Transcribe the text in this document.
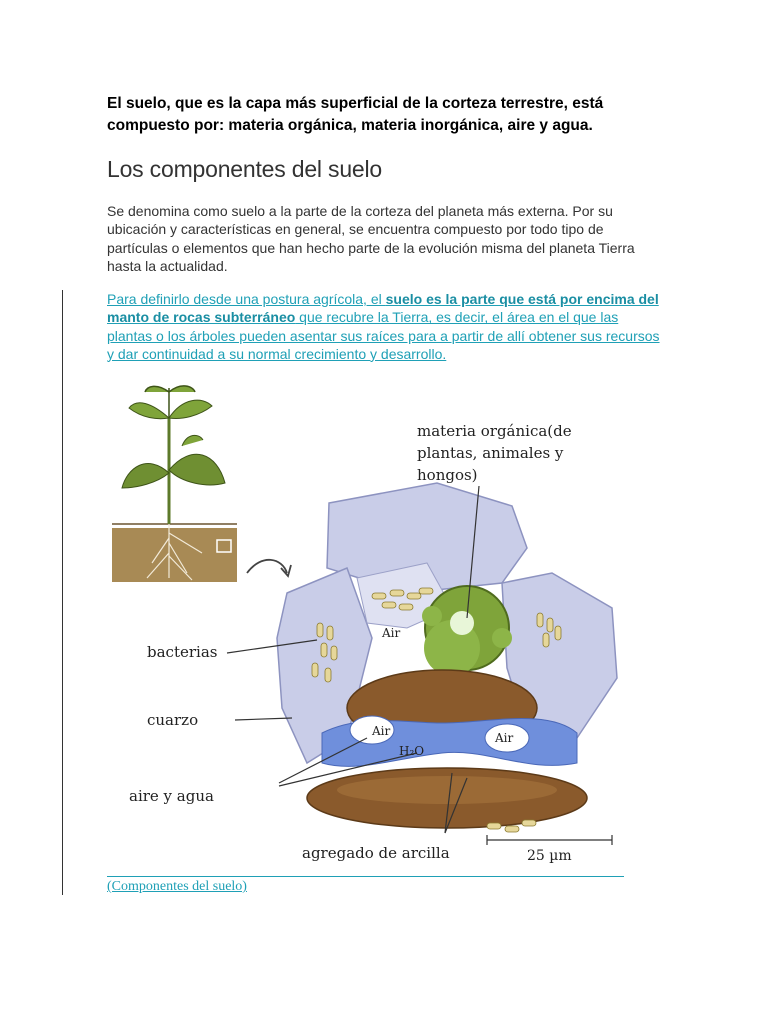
El suelo, que es la capa más superficial de la corteza terrestre, está
compuesto por: materia orgánica, materia inorgánica, aire y agua.
Los componentes del suelo
Se denomina como suelo a la parte de la corteza del planeta más externa. Por su ubicación y características en general, se encuentra compuesto por todo tipo de partículas o elementos que han hecho parte de la evolución misma del planeta Tierra hasta la actualidad.
Para definirlo desde una postura agrícola, el suelo es la parte que está por encima del manto de rocas subterráneo que recubre la Tierra, es decir, el área en el que las plantas o los árboles pueden asentar sus raíces para a partir de allí obtener sus recursos y dar continuidad a su normal crecimiento y desarrollo.
materia orgánica(de
plantas, animales y
hongos)
bacterias
cuarzo
aire y agua
agregado de arcilla	25 µm
Air
Air	Air
H₂O
(Componentes del suelo)
